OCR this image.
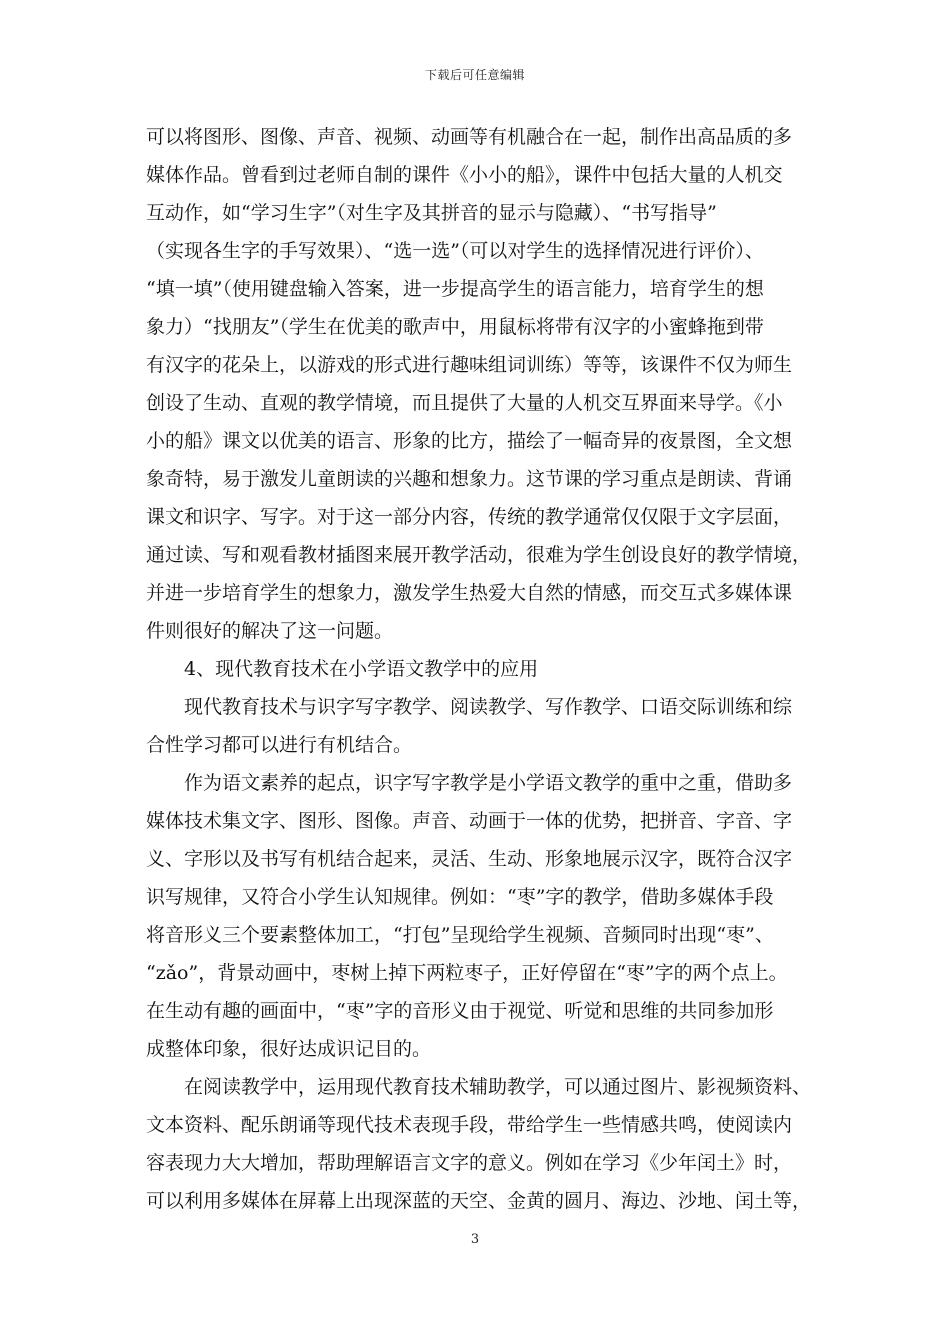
下载后可任意编辑
可以将图形、图像、声音、视频、动画等有机融合在一起，制作出高品质的多
媒体作品。曾看到过老师自制的课件《小小的船》，课件中包括大量的人机交
互动作，如“学习生字”（对生字及其拼音的显示与隐藏）、“书写指导”
（实现各生字的手写效果）、“选一选”（可以对学生的选择情况进行评价）、
“填一填”（使用键盘输入答案，进一步提高学生的语言能力，培育学生的想
象力）“找朋友”（学生在优美的歌声中，用鼠标将带有汉字的小蜜蜂拖到带
有汉字的花朵上，以游戏的形式进行趣味组词训练）等等，该课件不仅为师生
创设了生动、直观的教学情境，而且提供了大量的人机交互界面来导学。《小
小的船》课文以优美的语言、形象的比方，描绘了一幅奇异的夜景图，全文想
象奇特，易于激发儿童朗读的兴趣和想象力。这节课的学习重点是朗读、背诵
课文和识字、写字。对于这一部分内容，传统的教学通常仅仅限于文字层面，
通过读、写和观看教材插图来展开教学活动，很难为学生创设良好的教学情境，
并进一步培育学生的想象力，激发学生热爱大自然的情感，而交互式多媒体课
件则很好的解决了这一问题。
4、现代教育技术在小学语文教学中的应用
现代教育技术与识字写字教学、阅读教学、写作教学、口语交际训练和综
合性学习都可以进行有机结合。
作为语文素养的起点，识字写字教学是小学语文教学的重中之重，借助多
媒体技术集文字、图形、图像。声音、动画于一体的优势，把拼音、字音、字
义、字形以及书写有机结合起来，灵活、生动、形象地展示汉字，既符合汉字
识写规律，又符合小学生认知规律。例如：“枣”字的教学，借助多媒体手段
将音形义三个要素整体加工，“打包”呈现给学生视频、音频同时出现“枣”、
“zǎo”，背景动画中，枣树上掉下两粒枣子，正好停留在“枣”字的两个点上。
在生动有趣的画面中，“枣”字的音形义由于视觉、听觉和思维的共同参加形
成整体印象，很好达成识记目的。
在阅读教学中，运用现代教育技术辅助教学，可以通过图片、影视频资料、
文本资料、配乐朗诵等现代技术表现手段，带给学生一些情感共鸣，使阅读内
容表现力大大增加，帮助理解语言文字的意义。例如在学习《少年闰土》时，
可以利用多媒体在屏幕上出现深蓝的天空、金黄的圆月、海边、沙地、闰土等，
3
